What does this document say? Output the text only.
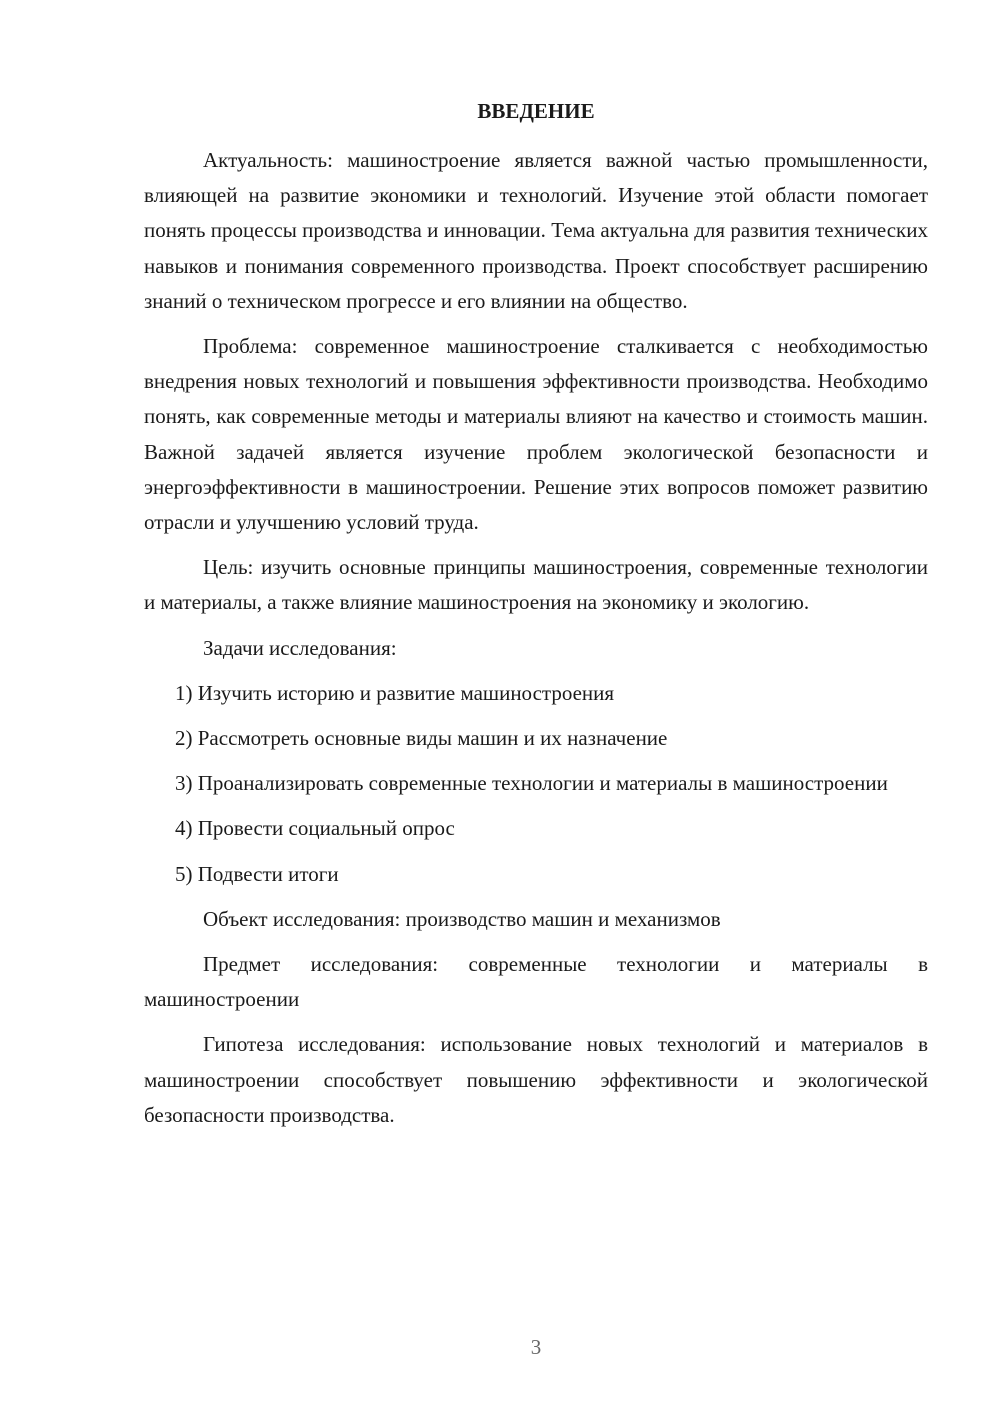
ВВЕДЕНИЕ

Актуальность: машиностроение является важной частью промышленности, влияющей на развитие экономики и технологий. Изучение этой области помогает понять процессы производства и инновации. Тема актуальна для развития технических навыков и понимания современного производства. Проект способствует расширению знаний о техническом прогрессе и его влиянии на общество.

Проблема: современное машиностроение сталкивается с необходимостью внедрения новых технологий и повышения эффективности производства. Необходимо понять, как современные методы и материалы влияют на качество и стоимость машин. Важной задачей является изучение проблем экологической безопасности и энергоэффективности в машиностроении. Решение этих вопросов поможет развитию отрасли и улучшению условий труда.

Цель: изучить основные принципы машиностроения, современные технологии и материалы, а также влияние машиностроения на экономику и экологию.

Задачи исследования:

1) Изучить историю и развитие машиностроения

2) Рассмотреть основные виды машин и их назначение

3) Проанализировать современные технологии и материалы в машиностроении

4) Провести социальный опрос

5) Подвести итоги

Объект исследования: производство машин и механизмов

Предмет исследования: современные технологии и материалы в машиностроении

Гипотеза исследования: использование новых технологий и материалов в машиностроении способствует повышению эффективности и экологической безопасности производства.

3
